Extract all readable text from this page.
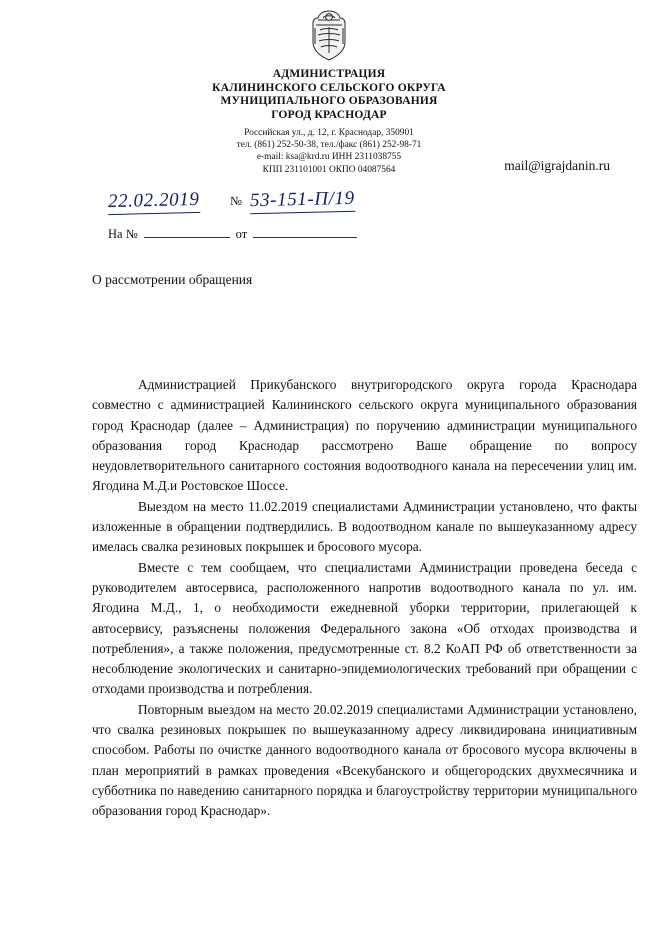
АДМИНИСТРАЦИЯ
КАЛИНИНСКОГО СЕЛЬСКОГО ОКРУГА
МУНИЦИПАЛЬНОГО ОБРАЗОВАНИЯ
ГОРОД КРАСНОДАР
Российская ул., д. 12, г. Краснодар, 350901
тел. (861) 252-50-38, тел./факс (861) 252-98-71
e-mail: ksa@krd.ru ИНН 2311038755
КПП 231101001 ОКПО 04087564	mail@igrajdanin.ru
22.02.2019 № 53-151-П/19
На №	от
О рассмотрении обращения

Администрацией Прикубанского внутригородского округа города Краснодара совместно с администрацией Калининского сельского округа муниципального образования город Краснодар (далее – Администрация) по поручению администрации муниципального образования город Краснодар рассмотрено Ваше обращение по вопросу неудовлетворительного санитарного состояния водоотводного канала на пересечении улиц им. Ягодина М.Д.и Ростовское Шоссе.

Выездом на место 11.02.2019 специалистами Администрации установлено, что факты изложенные в обращении подтвердились. В водоотводном канале по вышеуказанному адресу имелась свалка резиновых покрышек и бросового мусора.

Вместе с тем сообщаем, что специалистами Администрации проведена беседа с руководителем автосервиса, расположенного напротив водоотводного канала по ул. им. Ягодина М.Д., 1, о необходимости ежедневной уборки территории, прилегающей к автосервису, разъяснены положения Федерального закона «Об отходах производства и потребления», а также положения, предусмотренные ст. 8.2 КоАП РФ об ответственности за несоблюдение экологических и санитарно-эпидемиологических требований при обращении с отходами производства и потребления.

Повторным выездом на место 20.02.2019 специалистами Администрации установлено, что свалка резиновых покрышек по вышеуказанному адресу ликвидирована инициативным способом. Работы по очистке данного водоотводного канала от бросового мусора включены в план мероприятий в рамках проведения «Всекубанского и общегородских двухмесячника и субботника по наведению санитарного порядка и благоустройству территории муниципального образования город Краснодар».
